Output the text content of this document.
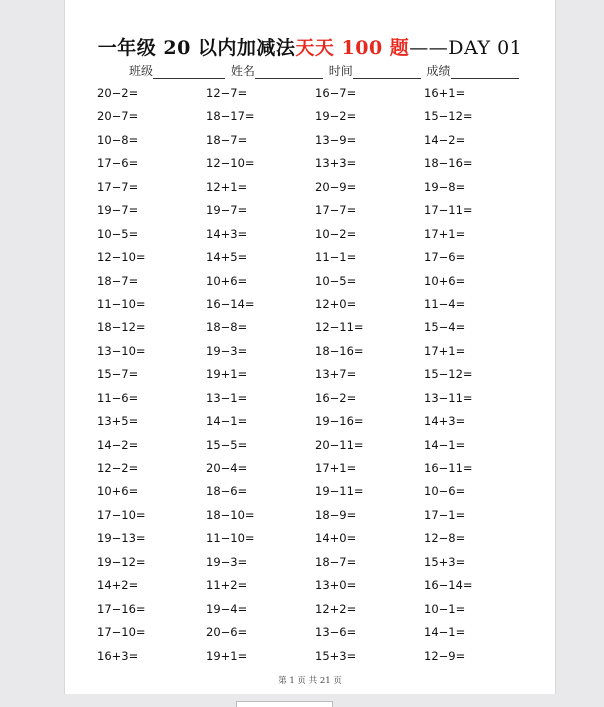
一年级 20 以内加减法天天 100 题——DAY 01
班级	姓名	时间	成绩
20−2=	12−7=	16−7=	16+1=
20−7=	18−17=	19−2=	15−12=
10−8=	18−7=	13−9=	14−2=
17−6=	12−10=	13+3=	18−16=
17−7=	12+1=	20−9=	19−8=
19−7=	19−7=	17−7=	17−11=
10−5=	14+3=	10−2=	17+1=
12−10=	14+5=	11−1=	17−6=
18−7=	10+6=	10−5=	10+6=
11−10=	16−14=	12+0=	11−4=
18−12=	18−8=	12−11=	15−4=
13−10=	19−3=	18−16=	17+1=
15−7=	19+1=	13+7=	15−12=
11−6=	13−1=	16−2=	13−11=
13+5=	14−1=	19−16=	14+3=
14−2=	15−5=	20−11=	14−1=
12−2=	20−4=	17+1=	16−11=
10+6=	18−6=	19−11=	10−6=
17−10=	18−10=	18−9=	17−1=
19−13=	11−10=	14+0=	12−8=
19−12=	19−3=	18−7=	15+3=
14+2=	11+2=	13+0=	16−14=
17−16=	19−4=	12+2=	10−1=
17−10=	20−6=	13−6=	14−1=
16+3=	19+1=	15+3=	12−9=
第 1 页 共 21 页
